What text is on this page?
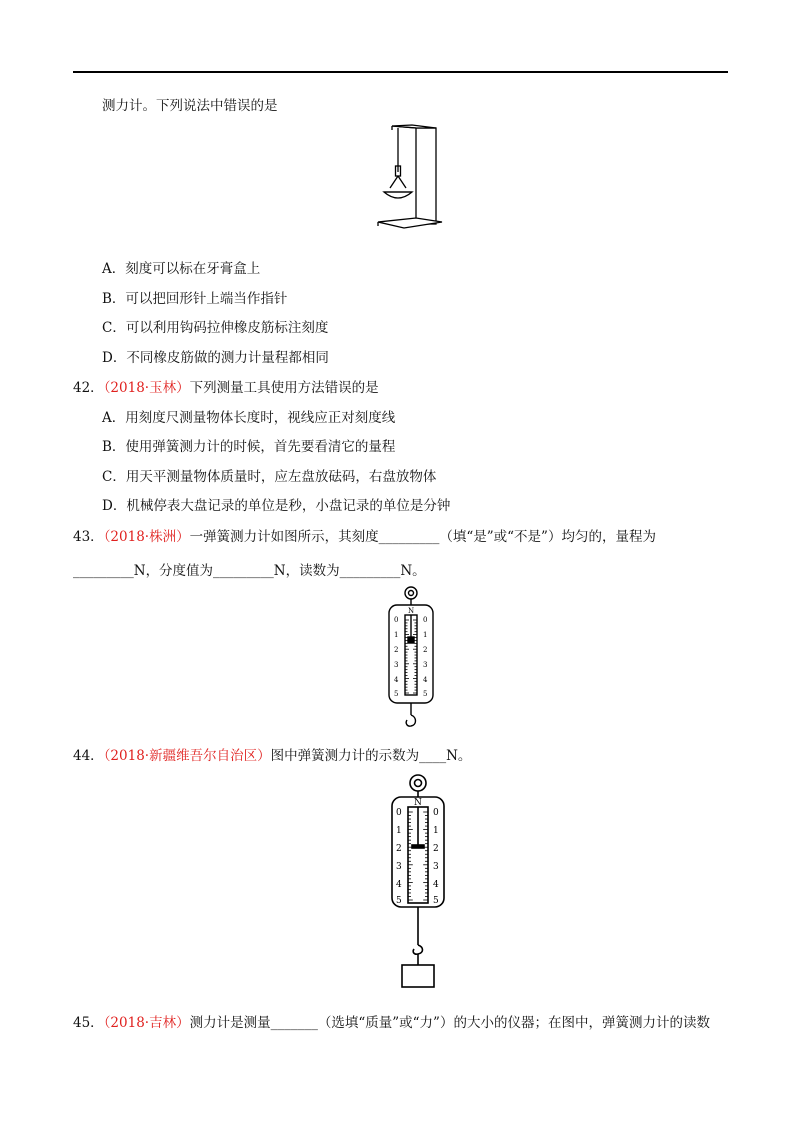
测力计。下列说法中错误的是
A．刻度可以标在牙膏盒上
B．可以把回形针上端当作指针
C．可以利用钩码拉伸橡皮筋标注刻度
D．不同橡皮筋做的测力计量程都相同
42．（2018·玉林）下列测量工具使用方法错误的是
A．用刻度尺测量物体长度时，视线应正对刻度线
B．使用弹簧测力计的时候，首先要看清它的量程
C．用天平测量物体质量时，应左盘放砝码，右盘放物体
D．机械停表大盘记录的单位是秒，小盘记录的单位是分钟
43．（2018·株洲）一弹簧测力计如图所示，其刻度_________（填“是”或“不是”）均匀的，量程为
_________N，分度值为_________N，读数为_________N。
N
0
1
2
3
4
5
0
1
2
3
4
5
44．（2018·新疆维吾尔自治区）图中弹簧测力计的示数为____N。
N
0
1
2
3
4
5
0
1
2
3
4
5
45．（2018·吉林）测力计是测量_______（选填“质量”或“力”）的大小的仪器；在图中，弹簧测力计的读数
